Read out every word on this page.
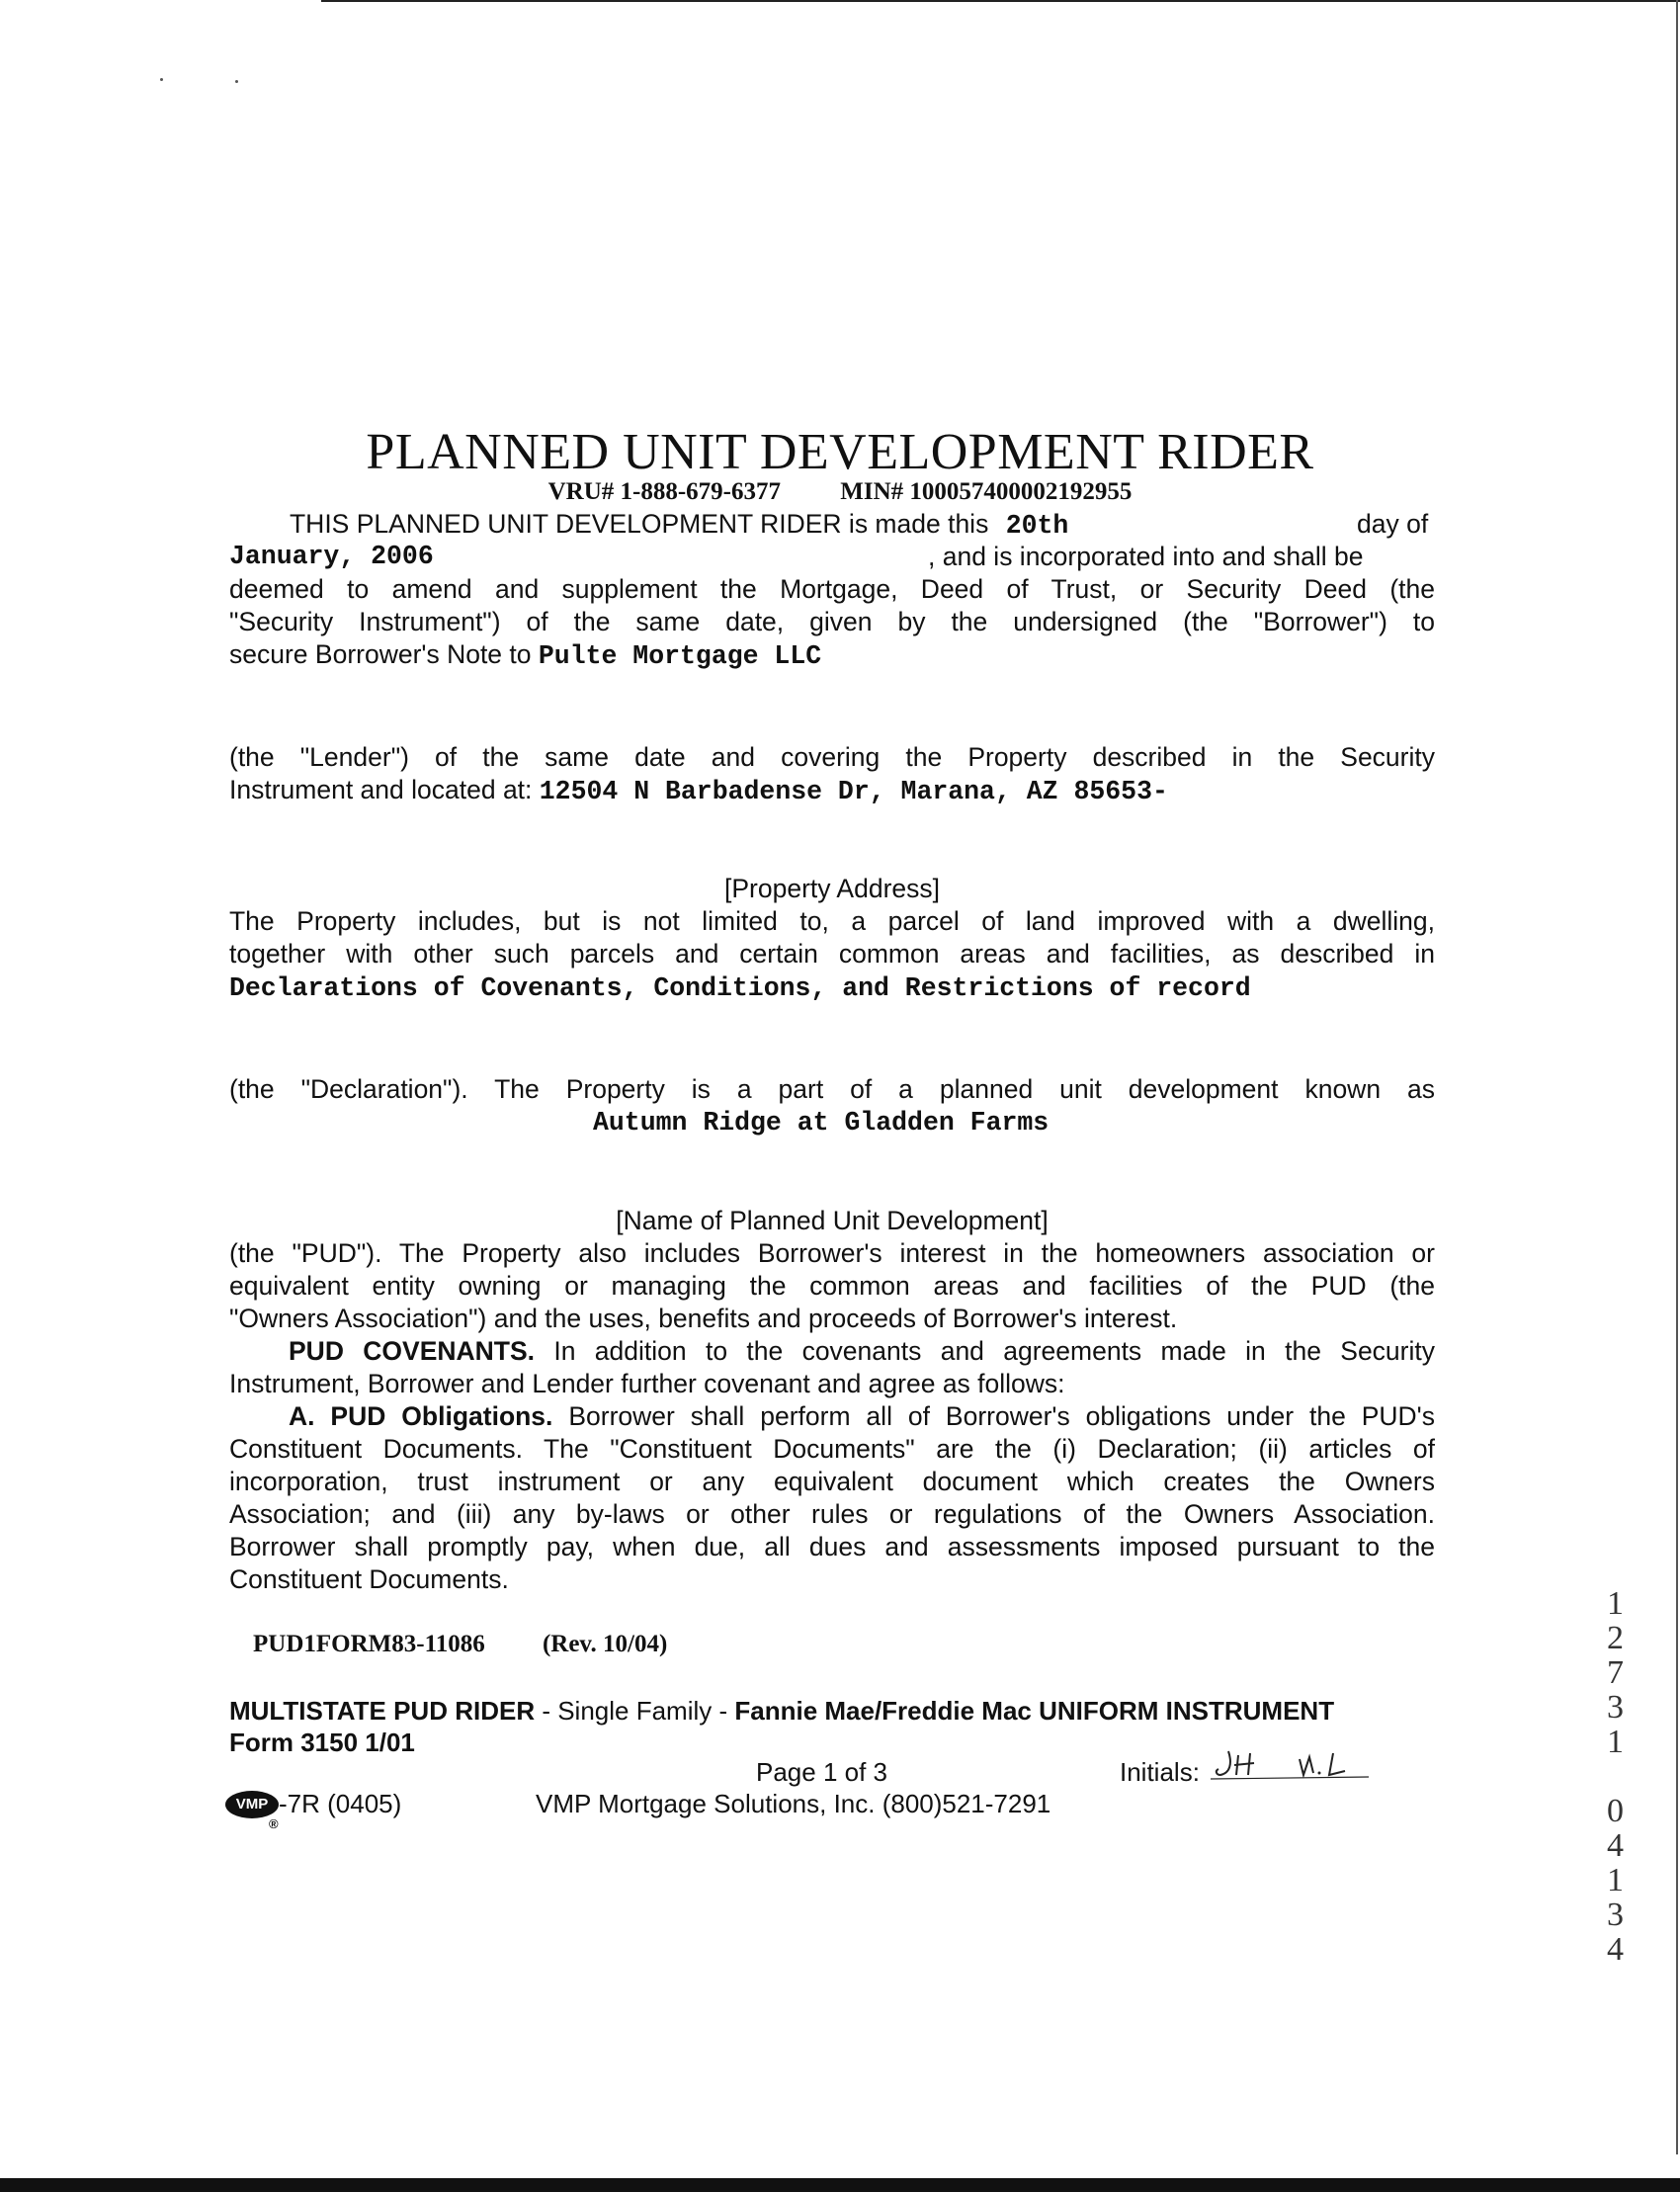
PLANNED UNIT DEVELOPMENT RIDER
VRU# 1-888-679-6377 MIN# 100057400002192955
THIS PLANNED UNIT DEVELOPMENT RIDER is made this 20th	day of
January, 2006	, and is incorporated into and shall be
deemed to amend and supplement the Mortgage, Deed of Trust, or Security Deed (the
"Security Instrument") of the same date, given by the undersigned (the "Borrower") to
secure Borrower's Note to Pulte Mortgage LLC
(the "Lender") of the same date and covering the Property described in the Security
Instrument and located at: 12504 N Barbadense Dr, Marana, AZ 85653-
[Property Address]
The Property includes, but is not limited to, a parcel of land improved with a dwelling,
together with other such parcels and certain common areas and facilities, as described in
Declarations of Covenants, Conditions, and Restrictions of record
(the "Declaration"). The Property is a part of a planned unit development known as
Autumn Ridge at Gladden Farms
[Name of Planned Unit Development]
(the "PUD"). The Property also includes Borrower's interest in the homeowners association or
equivalent entity owning or managing the common areas and facilities of the PUD (the
"Owners Association") and the uses, benefits and proceeds of Borrower's interest.
PUD COVENANTS. In addition to the covenants and agreements made in the Security
Instrument, Borrower and Lender further covenant and agree as follows:
A. PUD Obligations. Borrower shall perform all of Borrower's obligations under the PUD's
Constituent Documents. The "Constituent Documents" are the (i) Declaration; (ii) articles of
incorporation, trust instrument or any equivalent document which creates the Owners
Association; and (iii) any by-laws or other rules or regulations of the Owners Association.
Borrower shall promptly pay, when due, all dues and assessments imposed pursuant to the
Constituent Documents.
PUD1FORM83-11086 (Rev. 10/04)
MULTISTATE PUD RIDER - Single Family - Fannie Mae/Freddie Mac UNIFORM INSTRUMENT
Form 3150 1/01
Page 1 of 3	Initials:
VMP
®
-7R (0405)	VMP Mortgage Solutions, Inc. (800)521-7291
1
2
7
3
1
0
4
1
3
4
